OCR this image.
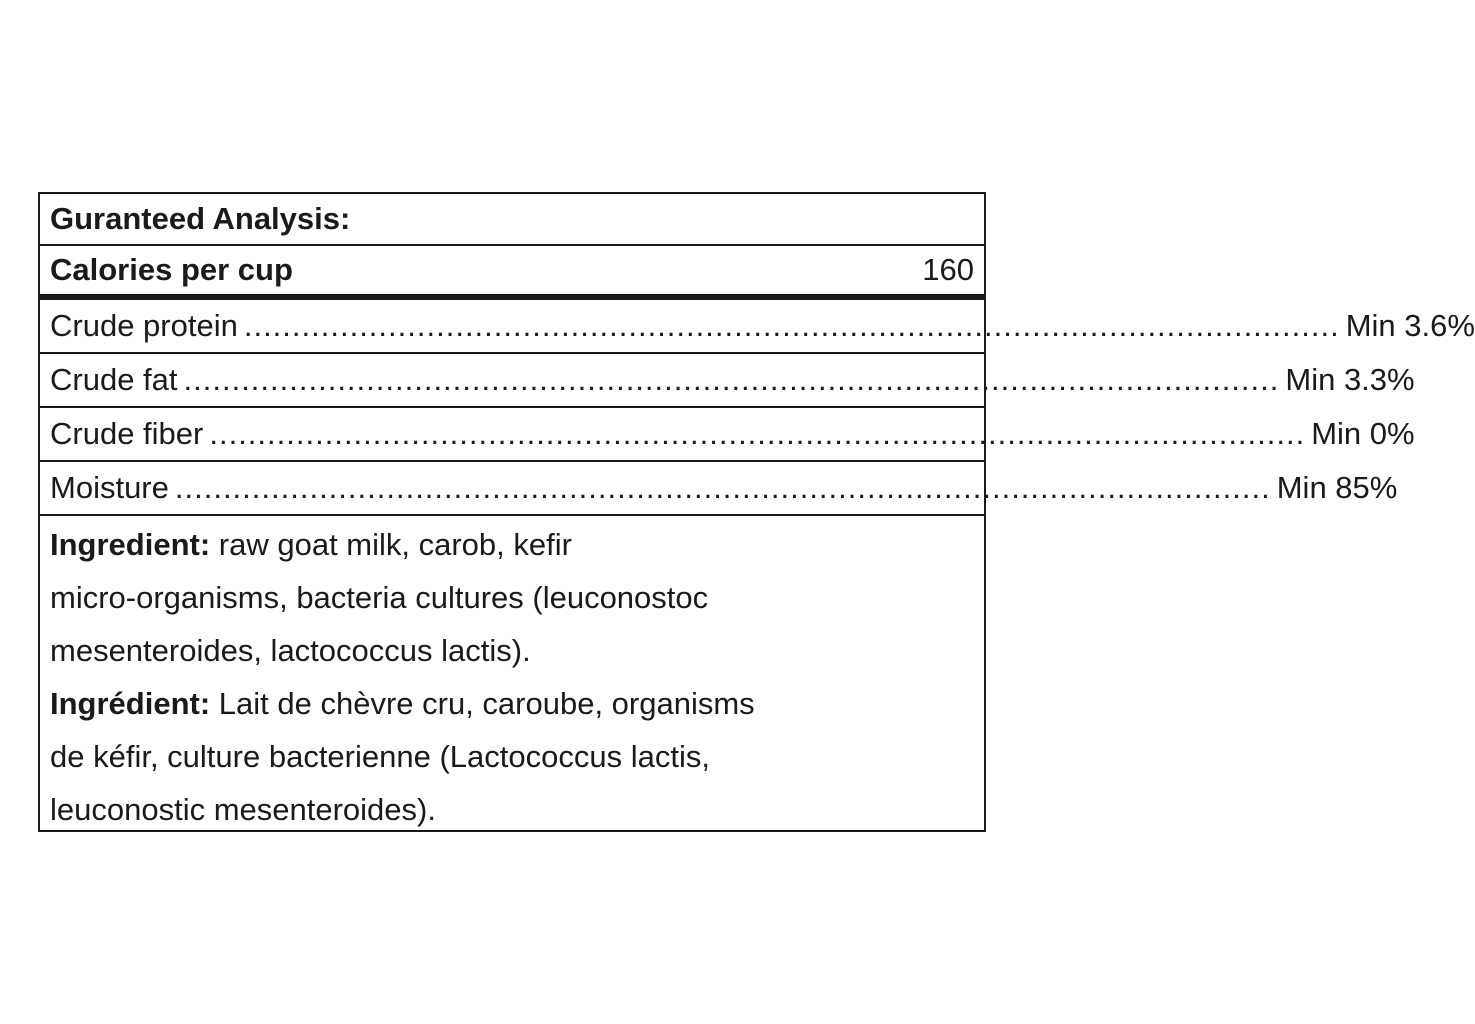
Guranteed Analysis:
Calories per cup	160
Crude protein .................................................................................................................. Min 3.6%
Crude fat .................................................................................................................. Min 3.3%
Crude fiber .................................................................................................................. Min 0%
Moisture .................................................................................................................. Min 85%

Ingredient: raw goat milk, carob, kefir
micro-organisms, bacteria cultures (leuconostoc
mesenteroides, lactococcus lactis).

Ingrédient: Lait de chèvre cru, caroube, organisms
de kéfir, culture bacterienne (Lactococcus lactis,
leuconostic mesenteroides).
